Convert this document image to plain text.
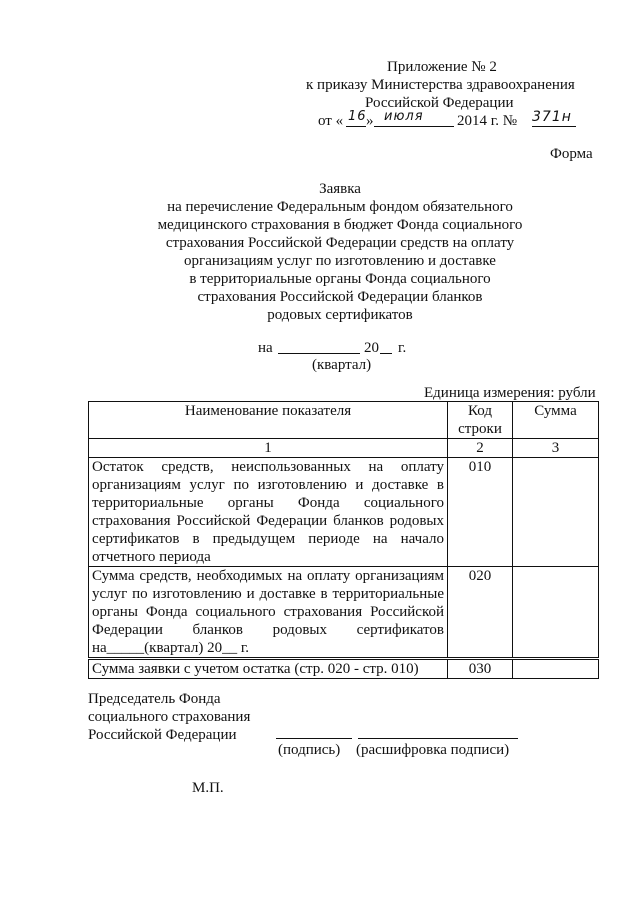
Приложение № 2
к приказу Министерства здравоохранения
Российской Федерации
от « 16 » июля 2014 г. № 371н
Форма
Заявка
на перечисление Федеральным фондом обязательного
медицинского страхования в бюджет Фонда социального
страхования Российской Федерации средств на оплату
организациям услуг по изготовлению и доставке
в территориальные органы Фонда социального
страхования Российской Федерации бланков
родовых сертификатов
на	20 г.
(квартал)
Единица измерения: рубли
Наименование показателя	Код строки	Сумма
1	2	3
Остаток средств, неиспользованных на оплату организациям услуг по изготовлению и доставке в территориальные органы Фонда социального страхования Российской Федерации бланков родовых сертификатов в предыдущем периоде на начало отчетного периода	010	
Сумма средств, необходимых на оплату организациям услуг по изготовлению и доставке в территориальные органы Фонда социального страхования Российской Федерации бланков родовых сертификатов на_____(квартал) 20__ г.	020	
Сумма заявки с учетом остатка (стр. 020 - стр. 010)	030	
Председатель Фонда
социального страхования
Российской Федерации
(подпись) (расшифровка подписи)
М.П.
